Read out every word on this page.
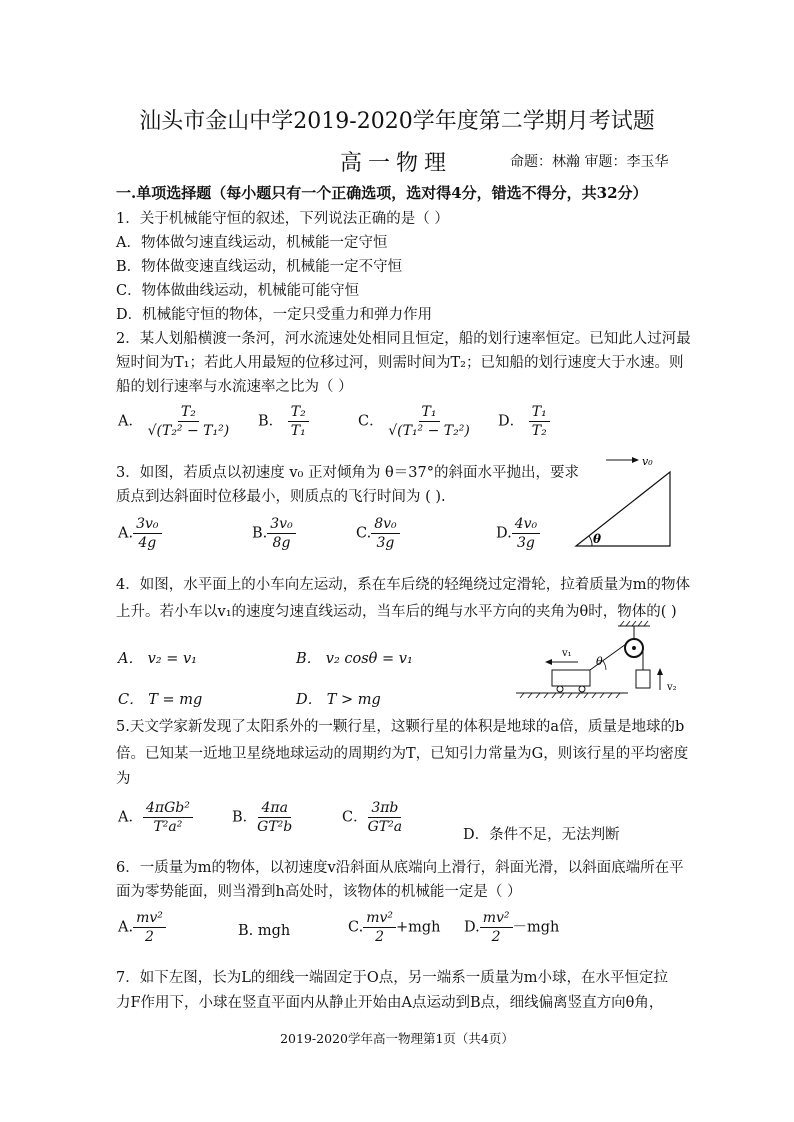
汕头市金山中学2019-2020学年度第二学期月考试题
高一物理	命题：林瀚 审题：李玉华
一.单项选择题（每小题只有一个正确选项，选对得4分，错选不得分，共32分）
1．关于机械能守恒的叙述，下列说法正确的是（ ）
A．物体做匀速直线运动，机械能一定守恒
B．物体做变速直线运动，机械能一定不守恒
C．物体做曲线运动，机械能可能守恒
D．机械能守恒的物体，一定只受重力和弹力作用
2．某人划船横渡一条河，河水流速处处相同且恒定，船的划行速率恒定。已知此人过河最
短时间为T₁；若此人用最短的位移过河，则需时间为T₂；已知船的划行速度大于水速。则
船的划行速率与水流速率之比为（ ）
A． $\frac{\text{T₂}}{\text{√(T₂² − T₁²)}}$ B． $\frac{\text{T₂}}{\text{T₁}}$	C． $\frac{\text{T₁}}{\text{√(T₁² − T₂²)}}$ D． $\frac{\text{T₁}}{\text{T₂}}$
3．如图，若质点以初速度 v₀ 正对倾角为 θ＝37°的斜面水平抛出，要求
质点到达斜面时位移最小，则质点的飞行时间为 ( ).
A. $\frac{\text{3v₀}}{4g}$	B. $\frac{\text{3v₀}}{8g}$	C. $\frac{\text{8v₀}}{3g}$	D. $\frac{\text{4v₀}}{3g}$
v₀
θ
4．如图，水平面上的小车向左运动，系在车后绕的轻绳绕过定滑轮，拉着质量为m的物体
上升。若小车以v₁的速度匀速直线运动，当车后的绳与水平方向的夹角为θ时，物体的( )
A． v₂ = v₁	B． v₂ cosθ = v₁
C． T = mg	D． T > mg
θ
v₁
v₂
5.天文学家新发现了太阳系外的一颗行星，这颗行星的体积是地球的a倍，质量是地球的b
倍。已知某一近地卫星绕地球运动的周期约为T，已知引力常量为G，则该行星的平均密度
为
A． $\frac{\text{4πGb²}}{\text{T²a²}}$	B． $\frac{4\pi a}{\text{GT²b}}$	C． $\frac{3\pi b}{\text{GT²a}}$	D．条件不足，无法判断
6．一质量为m的物体，以初速度v沿斜面从底端向上滑行，斜面光滑，以斜面底端所在平
面为零势能面，则当滑到h高处时，该物体的机械能一定是（ ）
A. $\frac{\text{mv²}}{2}$	B. mgh	C. $\frac{\text{mv²}}{2} +mgh$ D. $\frac{\text{mv²}}{2} -mgh$
7．如下左图，长为L的细线一端固定于O点，另一端系一质量为m小球，在水平恒定拉
力F作用下，小球在竖直平面内从静止开始由A点运动到B点，细线偏离竖直方向θ角，
2019-2020学年高一物理第1页（共4页）
